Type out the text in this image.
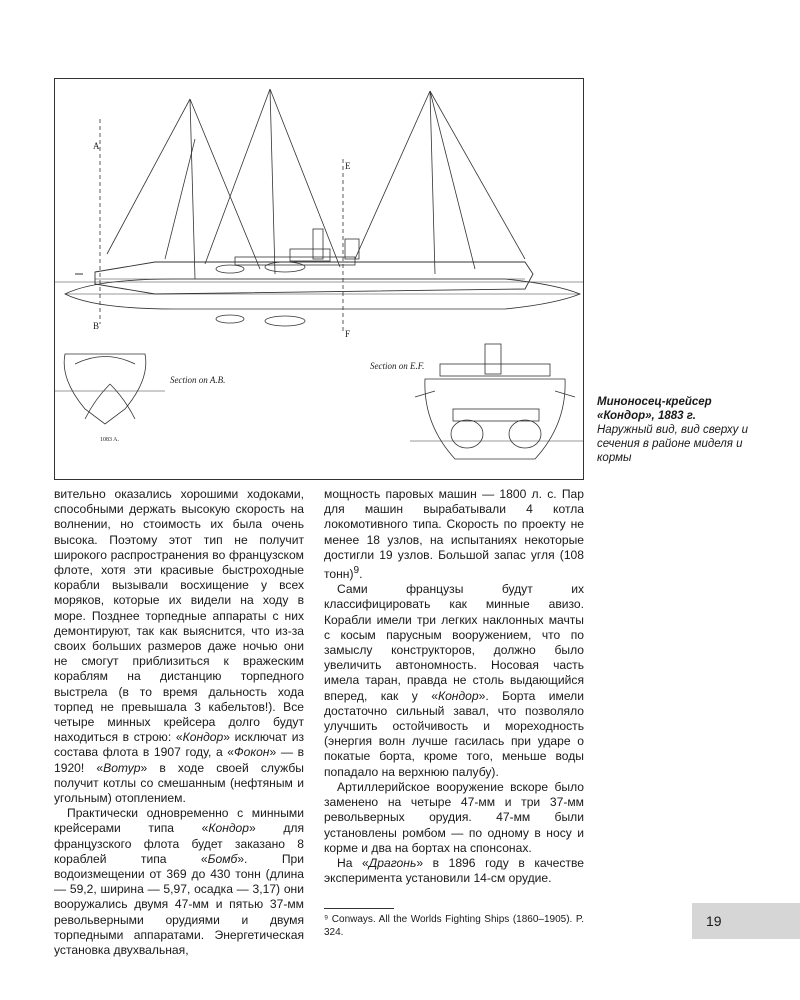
A
B
E
F
Section on A.B.
Section on E.F.
1083 A.
Миноносец-крейсер «Кондор», 1883 г.
Наружный вид, вид сверху и сечения в районе миделя и кормы

вительно оказались хорошими ходоками, способными держать высокую скорость на волнении, но стоимость их была очень высока. Поэтому этот тип не получит широкого распространения во французском флоте, хотя эти красивые быстроходные корабли вызывали восхищение у всех моряков, которые их видели на ходу в море. Позднее торпедные аппараты с них демонтируют, так как выяснится, что из-за своих больших размеров даже ночью они не смогут приблизиться к вражеским кораблям на дистанцию торпедного выстрела (в то время дальность хода торпед не превышала 3 кабельтов!). Все четыре минных крейсера долго будут находиться в строю: «Кондор» исключат из состава флота в 1907 году, а «Фокон» — в 1920! «Вотур» в ходе своей службы получит котлы со смешанным (нефтяным и угольным) отоплением.

Практически одновременно с минными крейсерами типа «Кондор» для французского флота будет заказано 8 кораблей типа «Бомб». При водоизмещении от 369 до 430 тонн (длина — 59,2, ширина — 5,97, осадка — 3,17) они вооружались двумя 47-мм и пятью 37-мм револьверными орудиями и двумя торпедными аппаратами. Энергетическая установка двухвальная,

мощность паровых машин — 1800 л. с. Пар для машин вырабатывали 4 котла локомотивного типа. Скорость по проекту не менее 18 узлов, на испытаниях некоторые достигли 19 узлов. Большой запас угля (108 тонн)$^9$.

Сами французы будут их классифицировать как минные авизо. Корабли имели три легких наклонных мачты с косым парусным вооружением, что по замыслу конструкторов, должно было увеличить автономность. Носовая часть имела таран, правда не столь выдающийся вперед, как у «Кондор». Борта имели достаточно сильный завал, что позволяло улучшить остойчивость и мореходность (энергия волн лучше гасилась при ударе о покатые борта, кроме того, меньше воды попадало на верхнюю палубу).

Артиллерийское вооружение вскоре было заменено на четыре 47-мм и три 37-мм револьверных орудия. 47-мм были установлены ромбом — по одному в носу и корме и два на бортах на спонсонах.

На «Драгонь» в 1896 году в качестве эксперимента установили 14-см орудие.

⁹ Conways. All the Worlds Fighting Ships (1860–1905). P. 324.

19
